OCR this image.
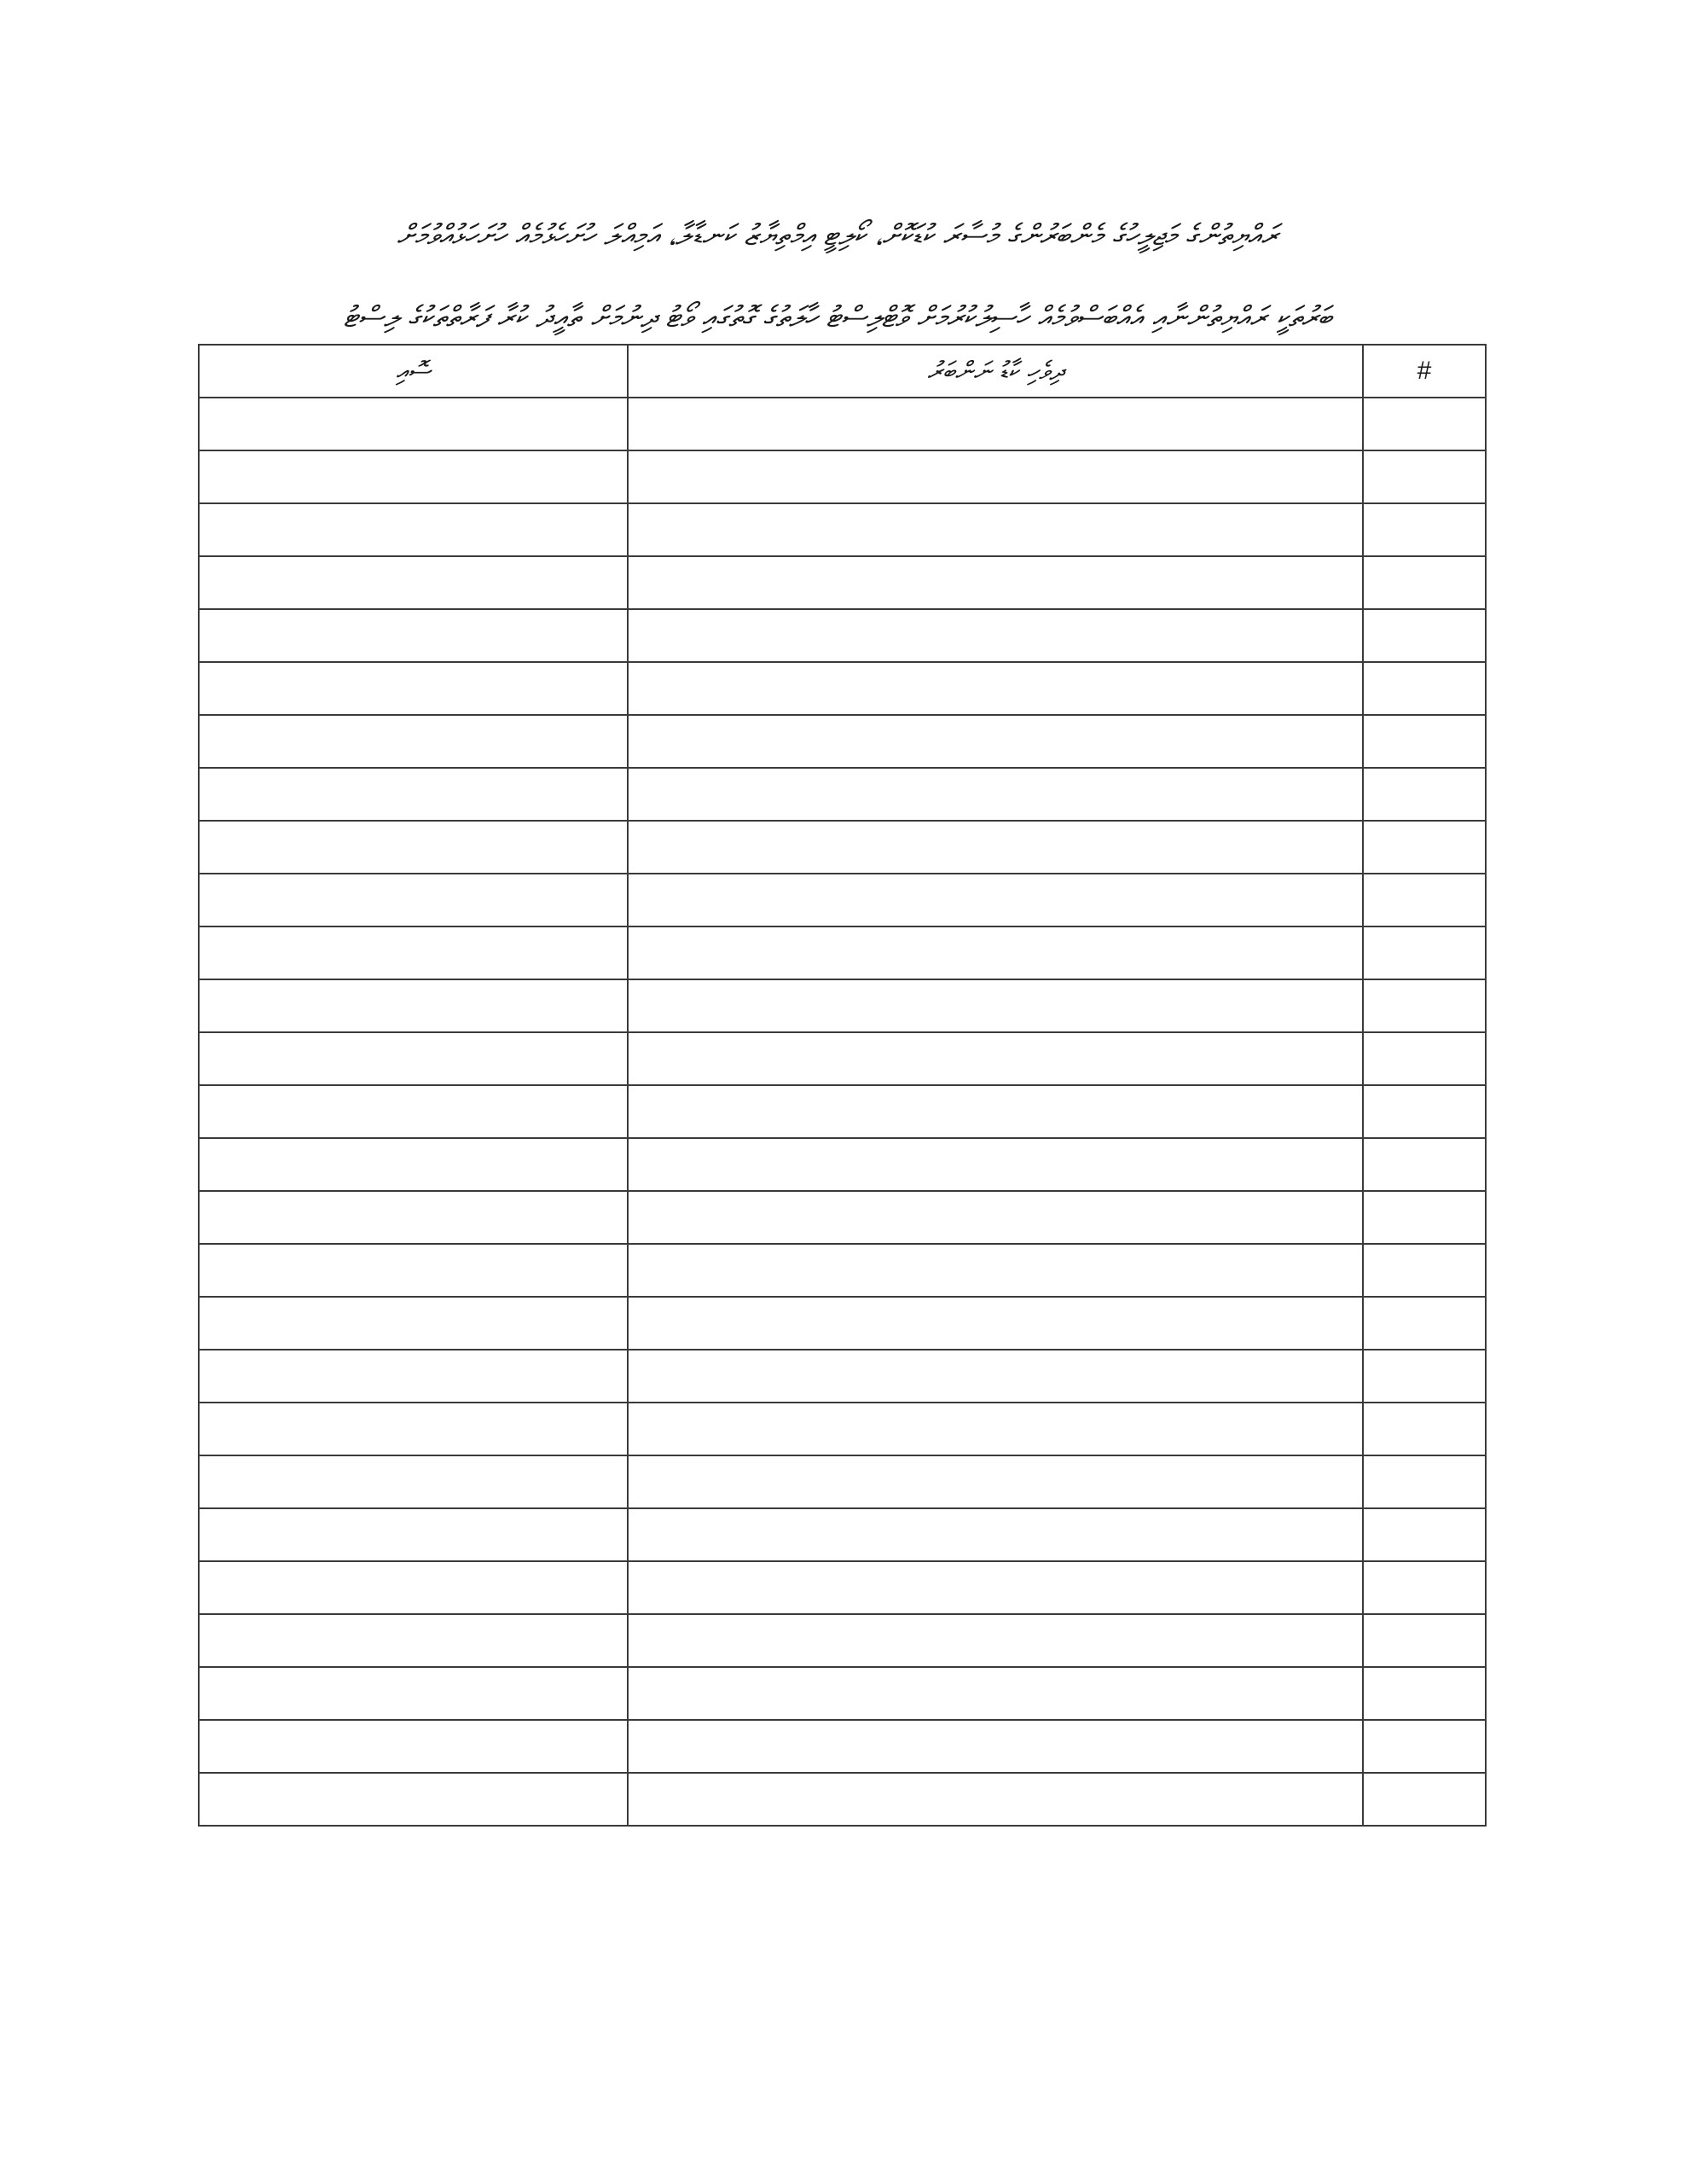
ރައްޔިތުންގެ މަޖިލީހުގެ މެންބަރުންގެ މުސާރަ ކުޑަކޮށް، ކޯލިޓީ އިމްތިޔާޒު ކަނޑާލާ، އަމިއްލަ ހުށަހެޅުމެއް ހުށަހަޅުއްވުމަށް
ބަރުތަކީ ރައްޔިތުންނާއި އެއްބަސްވުމެއް ހާސިލުކުރުމަށް ވޮޓްލިސްޓު ހާލަތުގެ ގޮތުގައި ވޯޓު ދިނުމަށް ތާއީދު ކުރާ ފަރާތްތަކުގެ ލިސްޓު
ސޮއި	ދިވެހި ކާޑު ނަންބަރު	#
